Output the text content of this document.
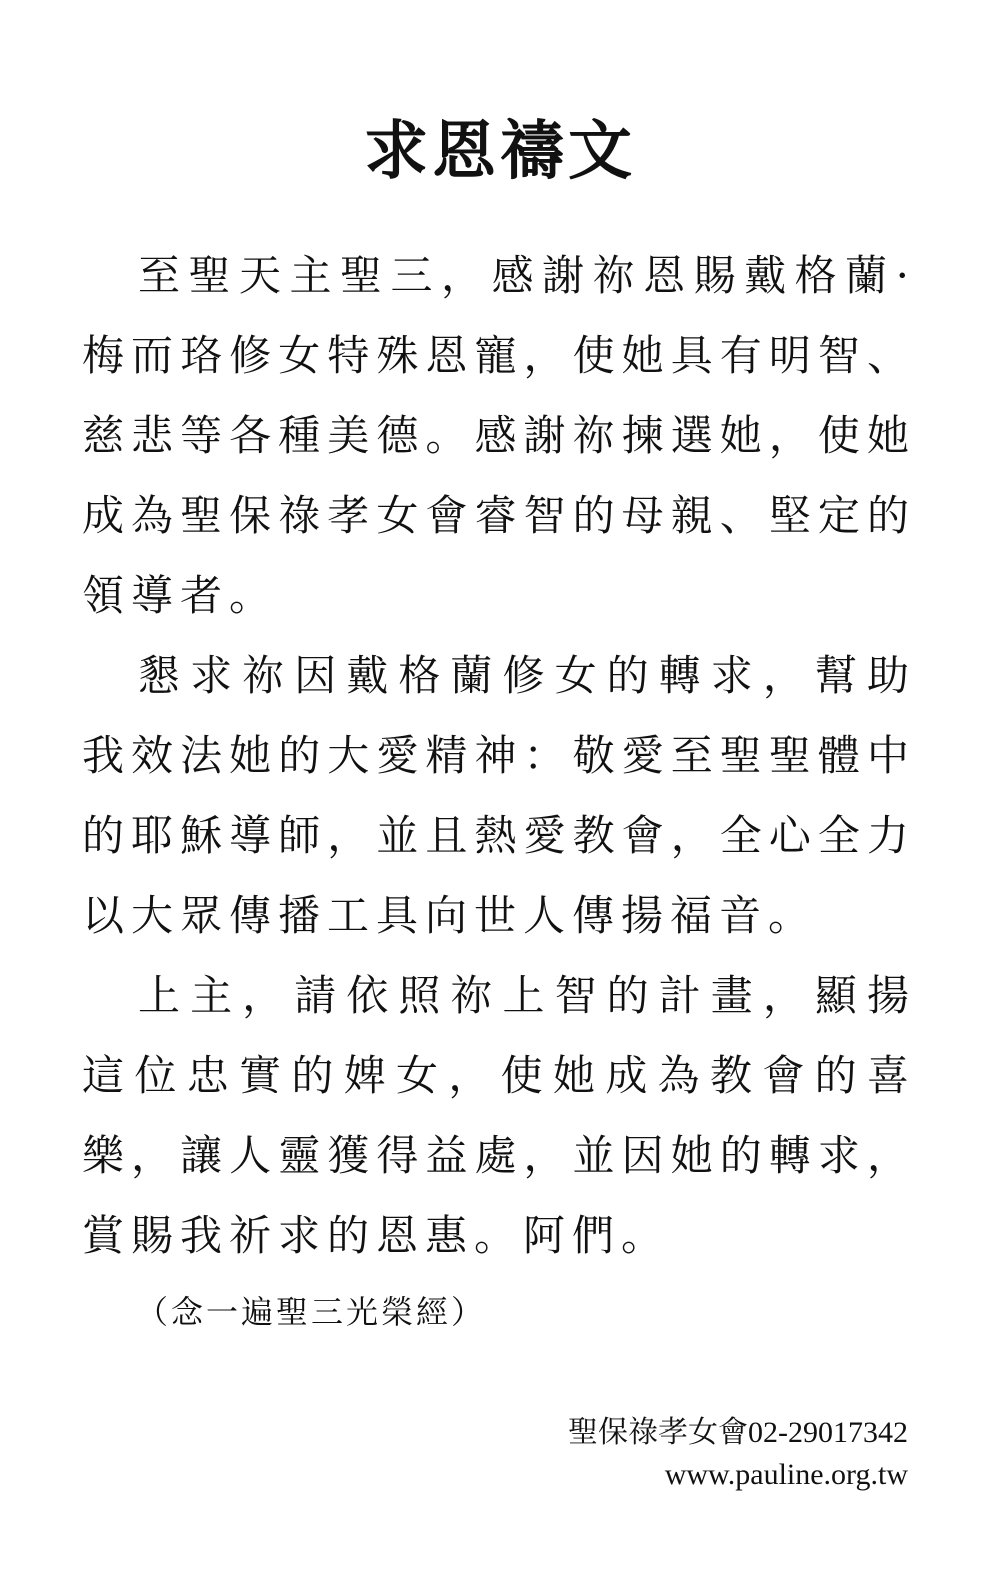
求恩禱文

至聖天主聖三，感謝祢恩賜戴格蘭·梅而珞修女特殊恩寵，使她具有明智、慈悲等各種美德。感謝祢揀選她，使她成為聖保祿孝女會睿智的母親、堅定的領導者。

懇求祢因戴格蘭修女的轉求，幫助我效法她的大愛精神：敬愛至聖聖體中的耶穌導師，並且熱愛教會，全心全力以大眾傳播工具向世人傳揚福音。

上主，請依照祢上智的計畫，顯揚這位忠實的婢女，使她成為教會的喜樂，讓人靈獲得益處，並因她的轉求，賞賜我祈求的恩惠。阿們。

（念一遍聖三光榮經）
聖保祿孝女會02-29017342
www.pauline.org.tw
